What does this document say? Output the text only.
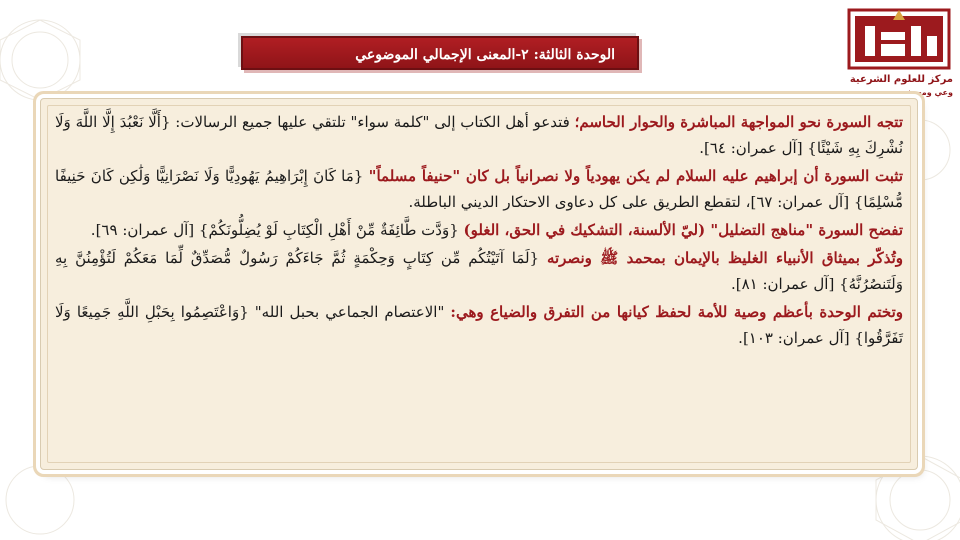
الوحدة الثالثة: ٢-المعنى الإجمالي الموضوعي
مركز للعلوم الشرعية
وعي ومعرفة

تتجه السورة نحو المواجهة المباشرة والحوار الحاسم؛ فتدعو أهل الكتاب إلى "كلمة سواء" تلتقي عليها جميع الرسالات: {أَلَّا نَعْبُدَ إِلَّا اللَّهَ وَلَا نُشْرِكَ بِهِ شَيْئًا} [آل عمران: ٦٤].

تثبت السورة أن إبراهيم عليه السلام لم يكن يهودياً ولا نصرانياً بل كان "حنيفاً مسلماً" {مَا كَانَ إِبْرَاهِيمُ يَهُودِيًّا وَلَا نَصْرَانِيًّا وَلَٰكِن كَانَ حَنِيفًا مُّسْلِمًا} [آل عمران: ٦٧]، لتقطع الطريق على كل دعاوى الاحتكار الديني الباطلة.

تفضح السورة "مناهج التضليل" (ليّ الألسنة، التشكيك في الحق، الغلو) {وَدَّت طَّائِفَةٌ مِّنْ أَهْلِ الْكِتَابِ لَوْ يُضِلُّونَكُمْ} [آل عمران: ٦٩].

وتُذكّر بميثاق الأنبياء الغليظ بالإيمان بمحمد ﷺ ونصرته {لَمَا آتَيْتُكُم مِّن كِتَابٍ وَحِكْمَةٍ ثُمَّ جَاءَكُمْ رَسُولٌ مُّصَدِّقٌ لِّمَا مَعَكُمْ لَتُؤْمِنُنَّ بِهِ وَلَتَنصُرُنَّهُ} [آل عمران: ٨١].

وتختم الوحدة بأعظم وصية للأمة لحفظ كيانها من التفرق والضياع وهي: "الاعتصام الجماعي بحبل الله" {وَاعْتَصِمُوا بِحَبْلِ اللَّهِ جَمِيعًا وَلَا تَفَرَّقُوا} [آل عمران: ١٠٣].
